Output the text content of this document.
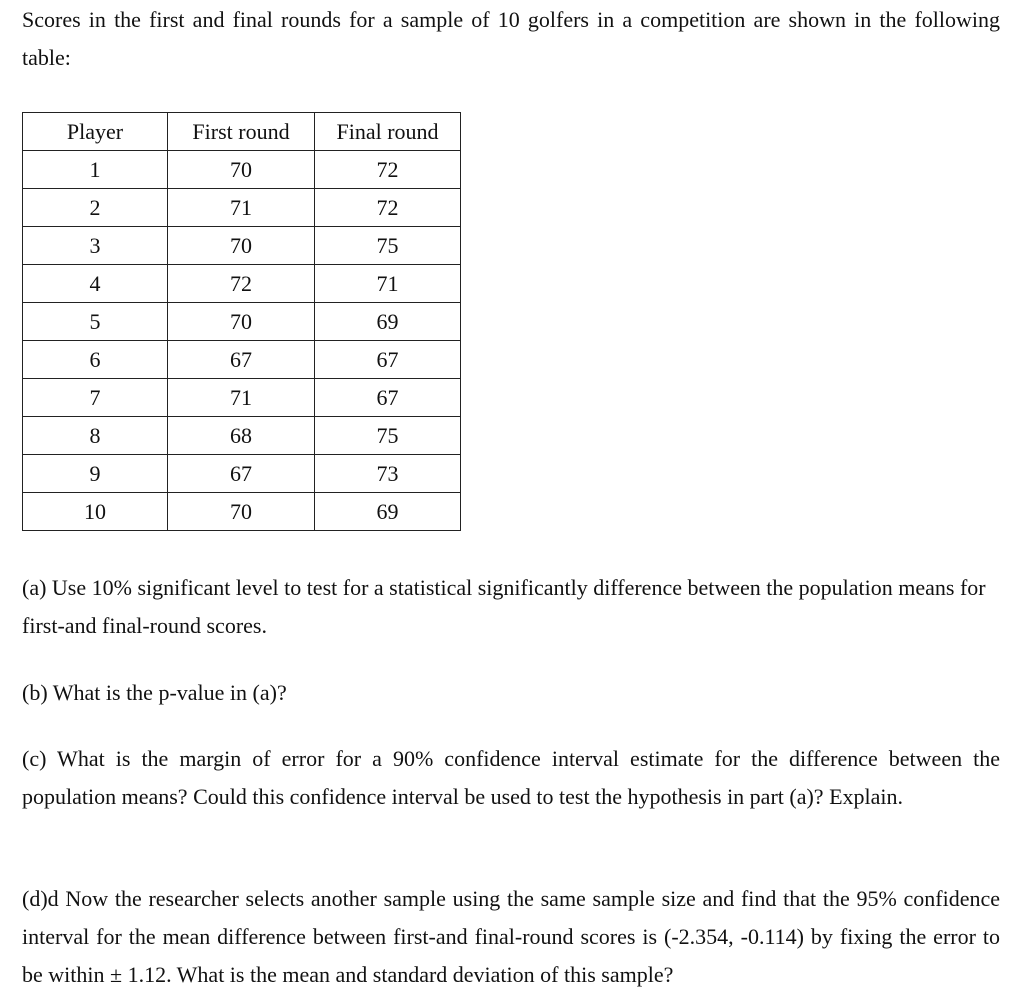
Scores in the first and final rounds for a sample of 10 golfers in a competition are shown in the following table:

Player	First round	Final round
1	70	72
2	71	72
3	70	75
4	72	71
5	70	69
6	67	67
7	71	67
8	68	75
9	67	73
10	70	69

(a) Use 10% significant level to test for a statistical significantly difference between the population means for first-and final-round scores.

(b) What is the p-value in (a)?

(c) What is the margin of error for a 90% confidence interval estimate for the difference between the population means? Could this confidence interval be used to test the hypothesis in part (a)? Explain.

(d)d Now the researcher selects another sample using the same sample size and find that the 95% confidence interval for the mean difference between first-and final-round scores is (-2.354, -0.114) by fixing the error to be within ± 1.12. What is the mean and standard deviation of this sample?
